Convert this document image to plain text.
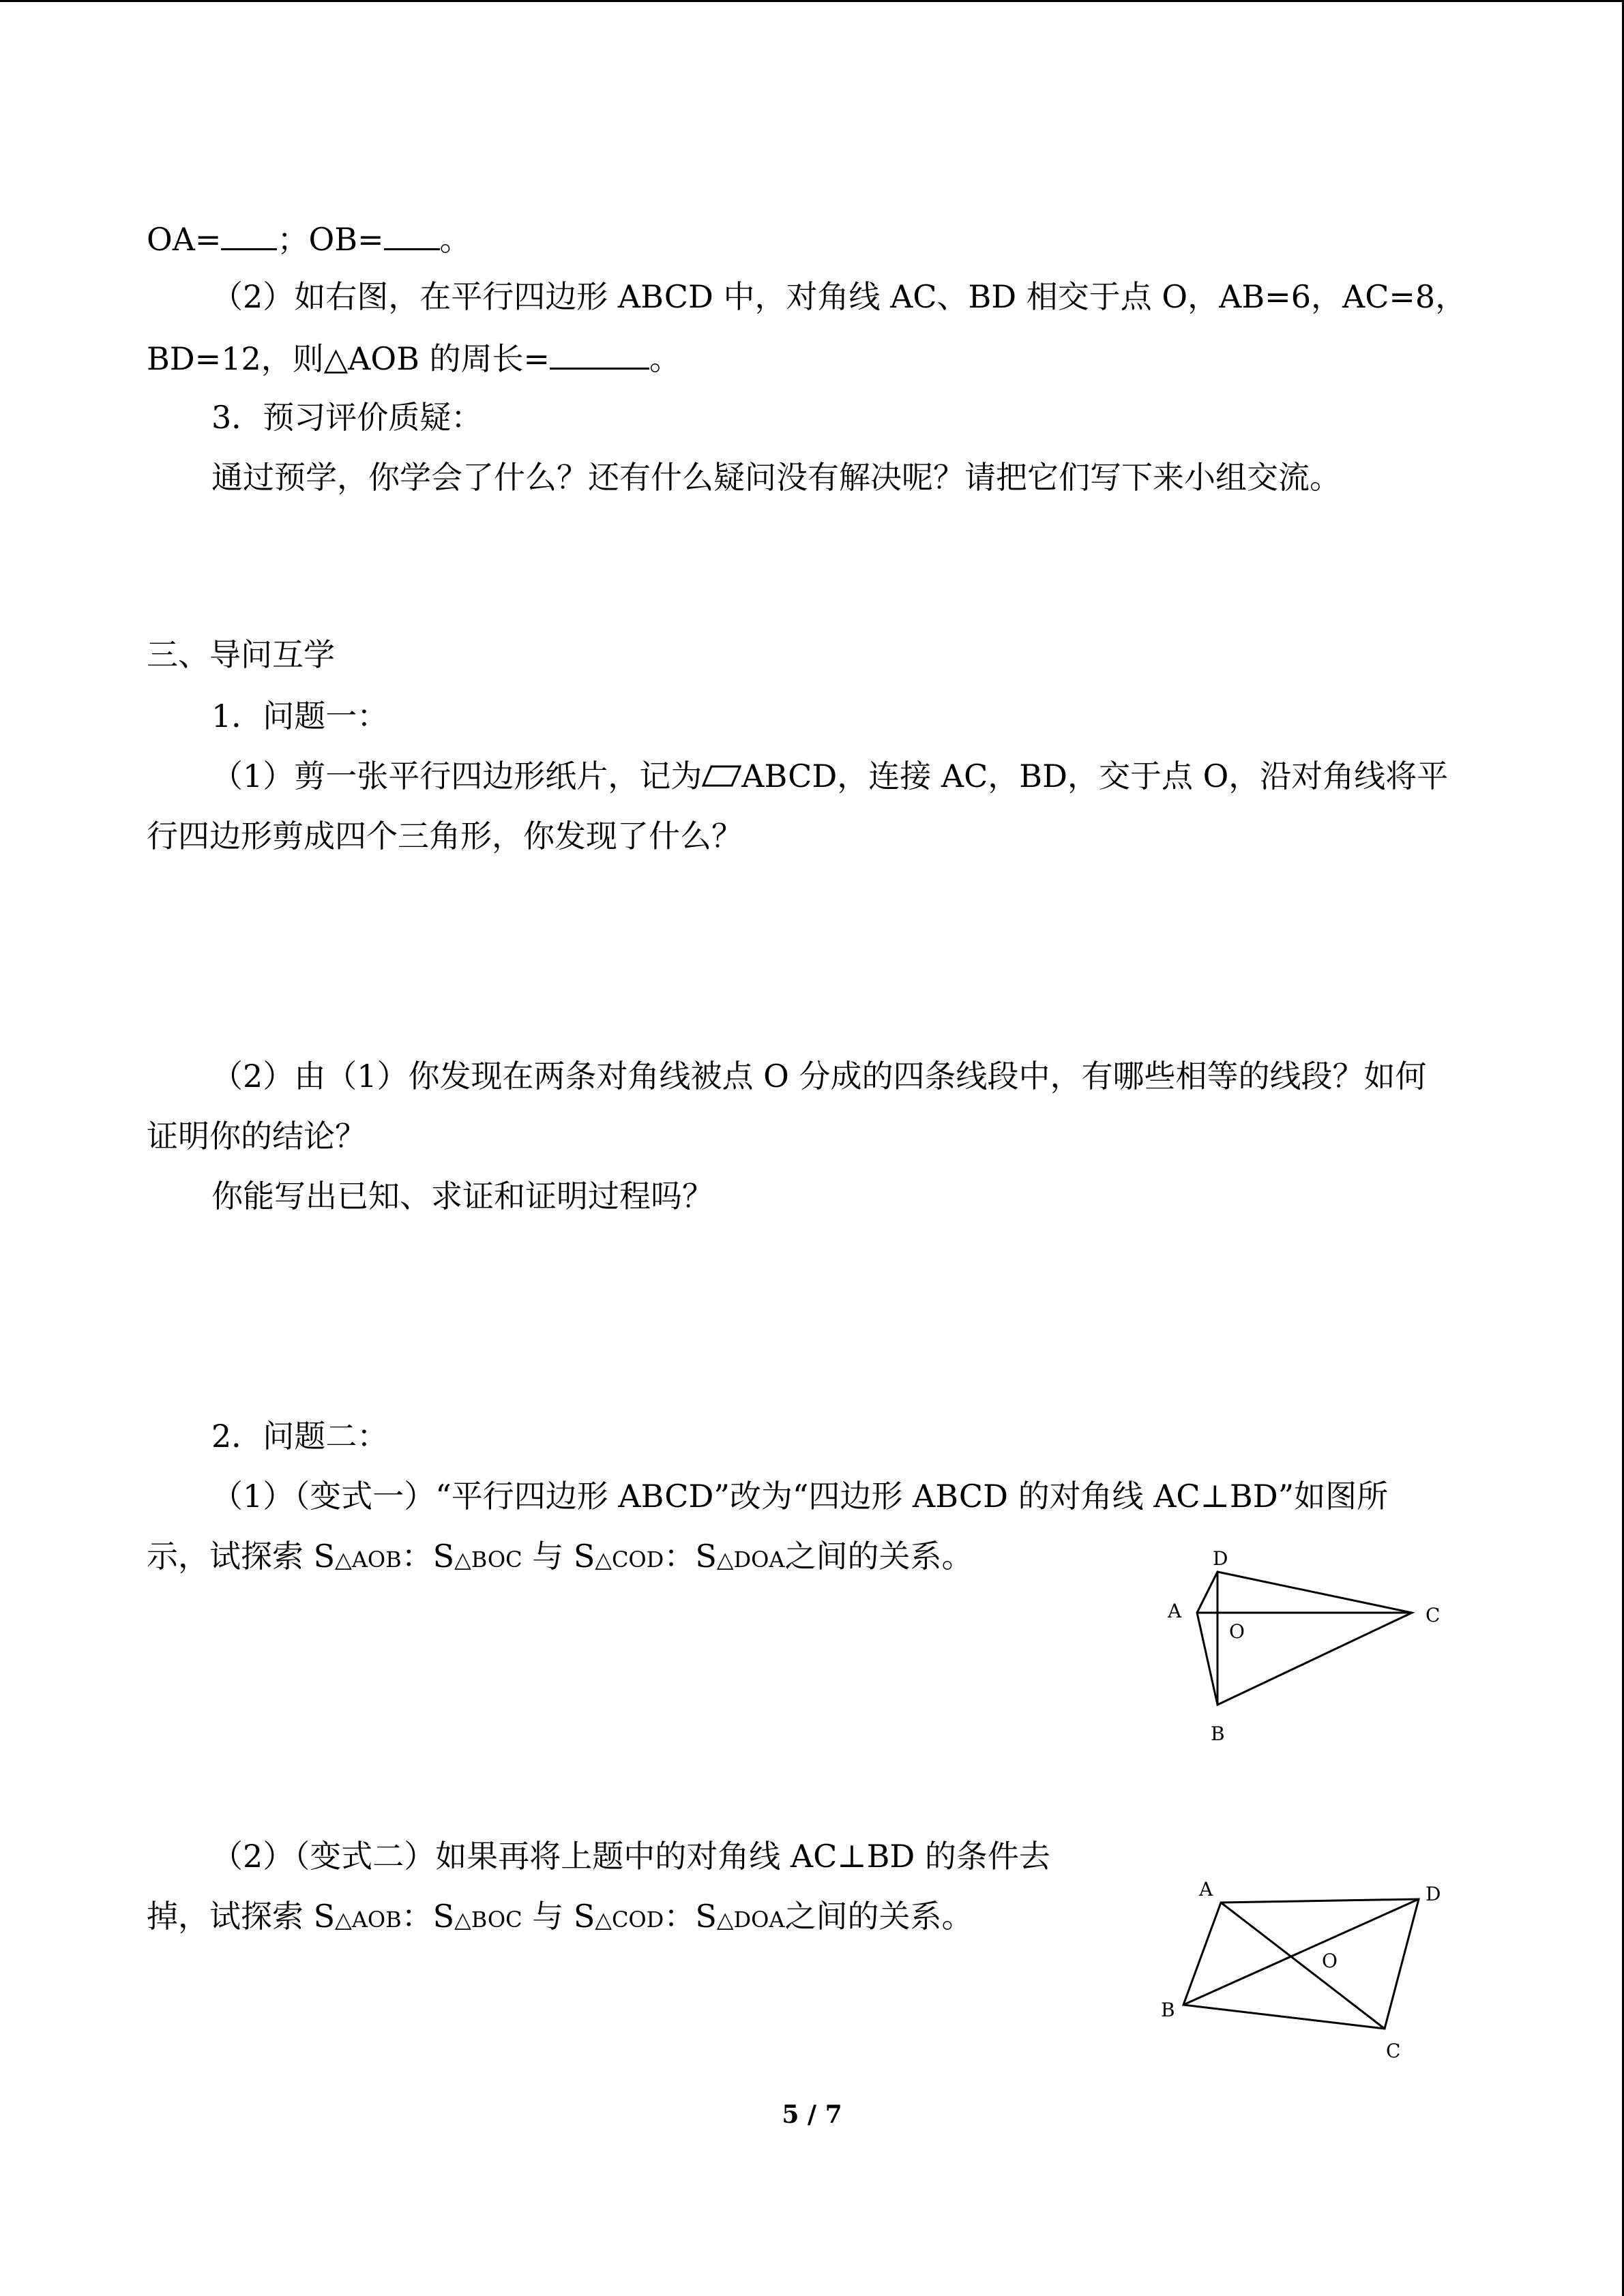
OA= ；OB= 。
（2）如右图，在平行四边形 ABCD 中，对角线 AC、BD 相交于点 O，AB=6，AC=8，
BD=12，则△AOB 的周长=	。
3．预习评价质疑：
通过预学，你学会了什么？还有什么疑问没有解决呢？请把它们写下来小组交流。
三、导问互学
1．问题一：
（1）剪一张平行四边形纸片，记为 ABCD，连接 AC，BD，交于点 O，沿对角线将平
行四边形剪成四个三角形，你发现了什么？
（2）由（1）你发现在两条对角线被点 O 分成的四条线段中，有哪些相等的线段？如何
证明你的结论？
你能写出已知、求证和证明过程吗？
2．问题二：
（1）（变式一）“平行四边形 ABCD”改为“四边形 ABCD 的对角线 AC⊥BD”如图所
示，试探索 S△AOB：S△BOC 与 S△COD：S△DOA之间的关系。	D
A
O
C
B
（2）（变式二）如果再将上题中的对角线 AC⊥BD 的条件去
掉，试探索 S△AOB：S△BOC 与 S△COD：S△DOA之间的关系。
A	D
O
B
C
5 / 7
